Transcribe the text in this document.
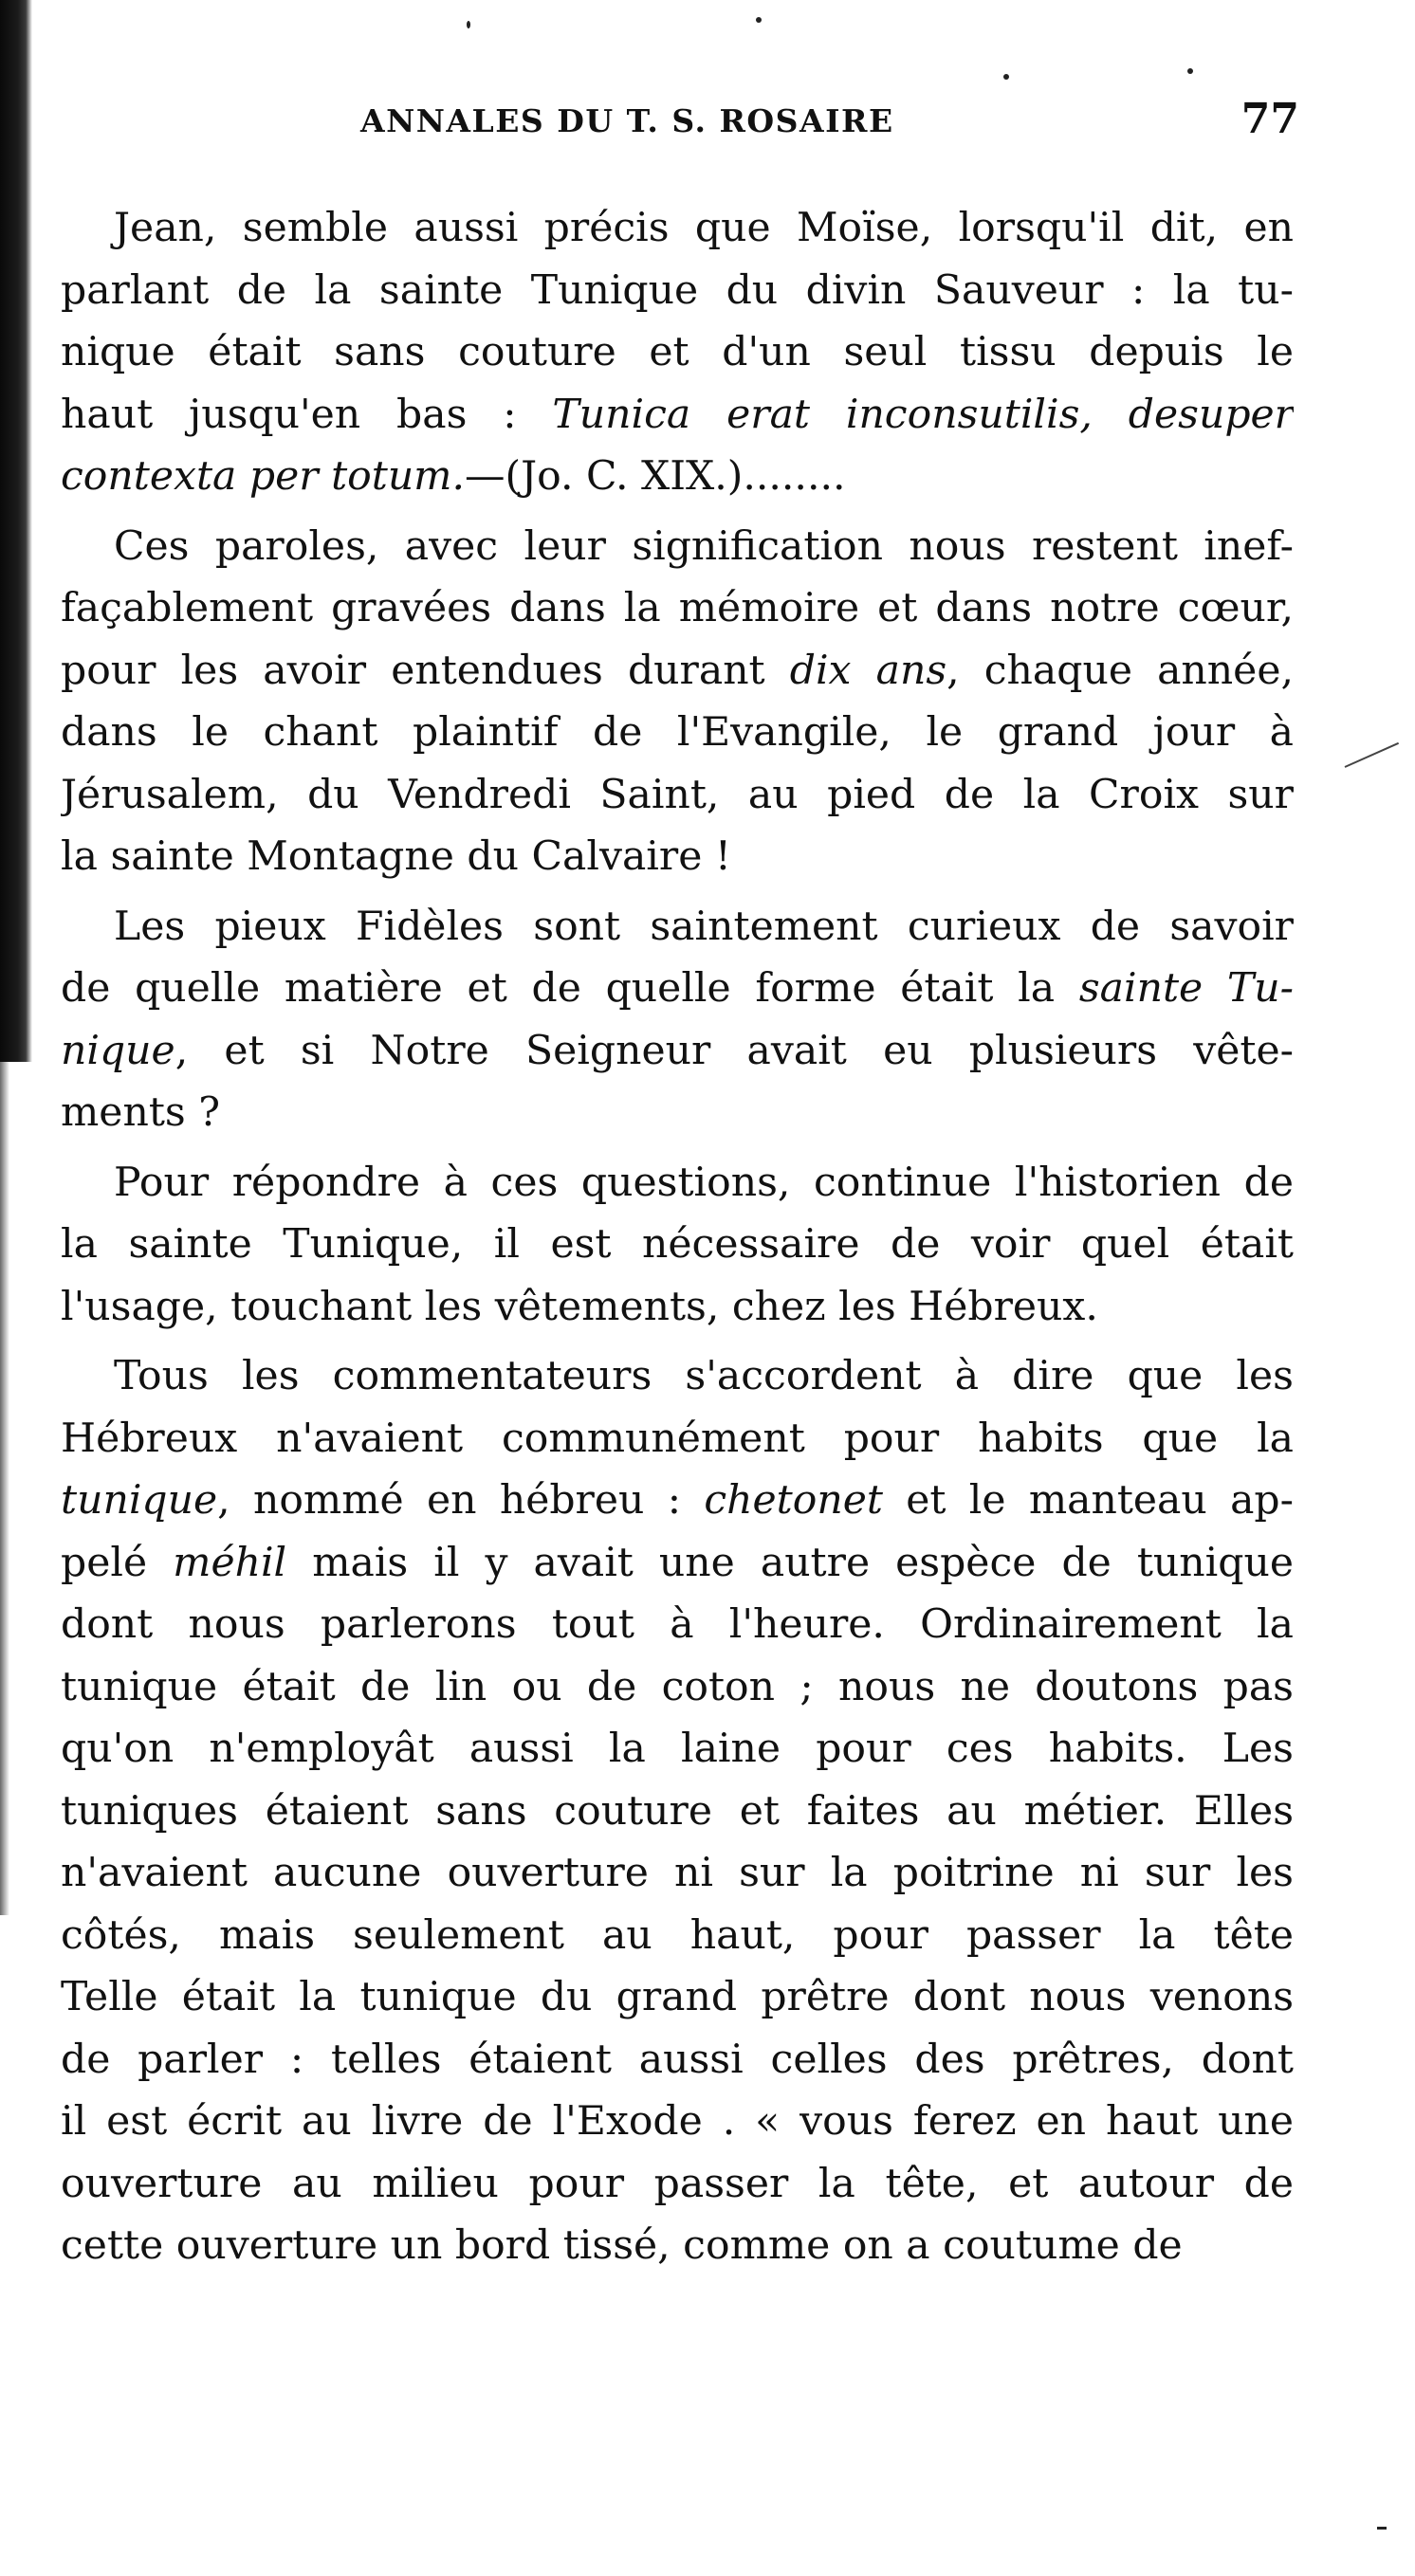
ANNALES DU T. S. ROSAIRE	77
Jean, semble aussi précis que Moïse, lorsqu'il dit, en
parlant de la sainte Tunique du divin Sauveur : la tu-
nique était sans couture et d'un seul tissu depuis le
haut jusqu'en bas : Tunica erat inconsutilis, desuper
contexta per totum.—(Jo. C. XIX.)........
Ces paroles, avec leur signification nous restent inef-
façablement gravées dans la mémoire et dans notre cœur,
pour les avoir entendues durant dix ans, chaque année,
dans le chant plaintif de l'Evangile, le grand jour à
Jérusalem, du Vendredi Saint, au pied de la Croix sur
la sainte Montagne du Calvaire !
Les pieux Fidèles sont saintement curieux de savoir
de quelle matière et de quelle forme était la sainte Tu-
nique, et si Notre Seigneur avait eu plusieurs vête-
ments ?
Pour répondre à ces questions, continue l'historien de
la sainte Tunique, il est nécessaire de voir quel était
l'usage, touchant les vêtements, chez les Hébreux.
Tous les commentateurs s'accordent à dire que les
Hébreux n'avaient communément pour habits que la
tunique, nommé en hébreu : chetonet et le manteau ap-
pelé méhil mais il y avait une autre espèce de tunique
dont nous parlerons tout à l'heure. Ordinairement la
tunique était de lin ou de coton ; nous ne doutons pas
qu'on n'employât aussi la laine pour ces habits. Les
tuniques étaient sans couture et faites au métier. Elles
n'avaient aucune ouverture ni sur la poitrine ni sur les
côtés, mais seulement au haut, pour passer la tête
Telle était la tunique du grand prêtre dont nous venons
de parler : telles étaient aussi celles des prêtres, dont
il est écrit au livre de l'Exode . « vous ferez en haut une
ouverture au milieu pour passer la tête, et autour de
cette ouverture un bord tissé, comme on a coutume de
